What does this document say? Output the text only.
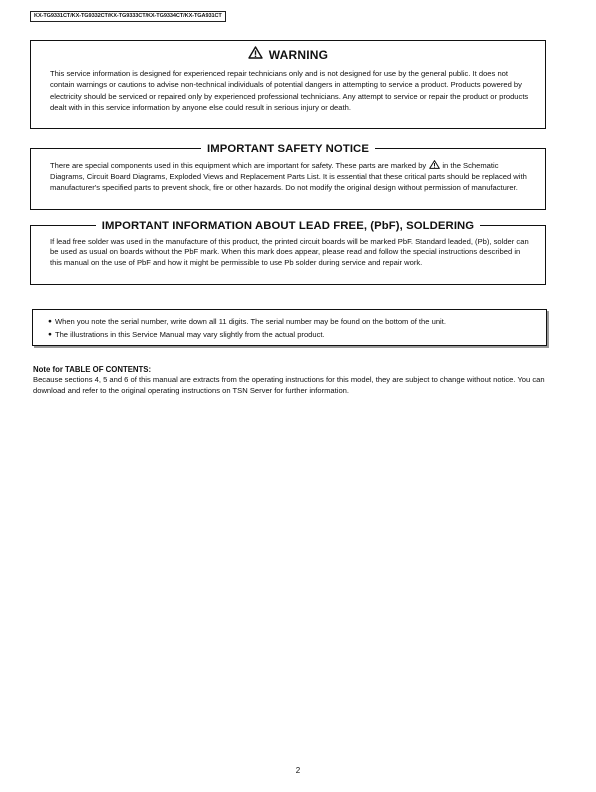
KX-TG9331CT/KX-TG9332CT/KX-TG9333CT/KX-TG9334CT/KX-TGA931CT
WARNING

This service information is designed for experienced repair technicians only and is not designed for use by the general public. It does not contain warnings or cautions to advise non-technical individuals of potential dangers in attempting to service a product. Products powered by electricity should be serviced or repaired only by experienced professional technicians. Any attempt to service or repair the product or products dealt with in this service information by anyone else could result in serious injury or death.

IMPORTANT SAFETY NOTICE

There are special components used in this equipment which are important for safety. These parts are marked by in the Schematic Diagrams, Circuit Board Diagrams, Exploded Views and Replacement Parts List. It is essential that these critical parts should be replaced with manufacturer's specified parts to prevent shock, fire or other hazards. Do not modify the original design without permission of manufacturer.

IMPORTANT INFORMATION ABOUT LEAD FREE, (PbF), SOLDERING

If lead free solder was used in the manufacture of this product, the printed circuit boards will be marked PbF. Standard leaded, (Pb), solder can be used as usual on boards without the PbF mark. When this mark does appear, please read and follow the special instructions described in this manual on the use of PbF and how it might be permissible to use Pb solder during service and repair work.

● When you note the serial number, write down all 11 digits. The serial number may be found on the bottom of the unit.
● The illustrations in this Service Manual may vary slightly from the actual product.

Note for TABLE OF CONTENTS:

Because sections 4, 5 and 6 of this manual are extracts from the operating instructions for this model, they are subject to change without notice. You can download and refer to the original operating instructions on TSN Server for further information.

2
